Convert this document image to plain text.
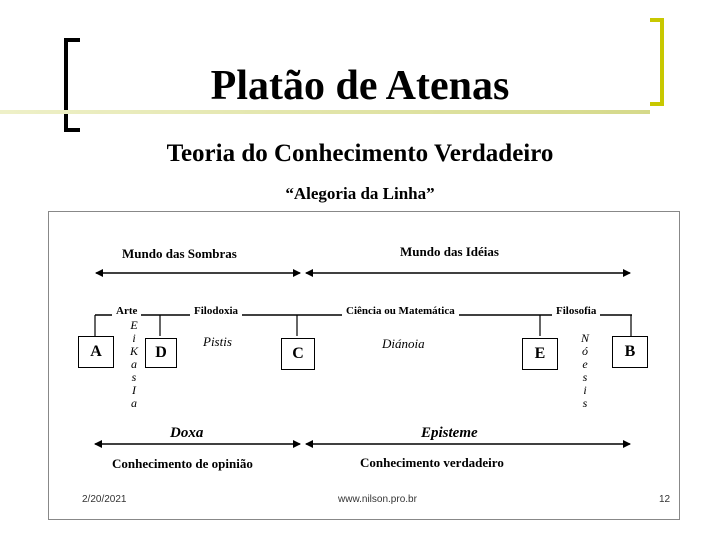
Platão de Atenas
Teoria do Conhecimento Verdadeiro
“Alegoria da Linha”
Mundo das Sombras	Mundo das Idéias
Arte	Filodoxia	Ciência ou Matemática	Filosofia
A	D	C	E	B
E
i
K
a
s
I
a
N
ó
e
s
i
s
Pistis	Diánoia
Doxa	Episteme
Conhecimento de opinião	Conhecimento verdadeiro
2/20/2021	www.nilson.pro.br	12
